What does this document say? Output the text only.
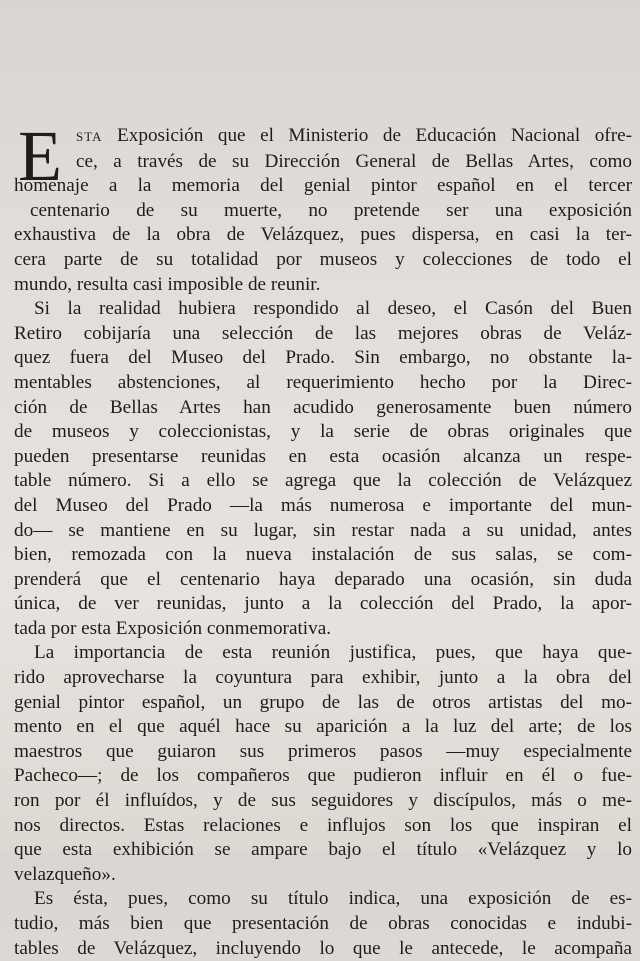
E	STA Exposición que el Ministerio de Educación Nacional ofre-
ce, a través de su Dirección General de Bellas Artes, como
homenaje a la memoria del genial pintor español en el tercer
centenario de su muerte, no pretende ser una exposición
exhaustiva de la obra de Velázquez, pues dispersa, en casi la ter-
cera parte de su totalidad por museos y colecciones de todo el
mundo, resulta casi imposible de reunir.
Si la realidad hubiera respondido al deseo, el Casón del Buen
Retiro cobijaría una selección de las mejores obras de Veláz-
quez fuera del Museo del Prado. Sin embargo, no obstante la-
mentables abstenciones, al requerimiento hecho por la Direc-
ción de Bellas Artes han acudido generosamente buen número
de museos y coleccionistas, y la serie de obras originales que
pueden presentarse reunidas en esta ocasión alcanza un respe-
table número. Si a ello se agrega que la colección de Velázquez
del Museo del Prado —la más numerosa e importante del mun-
do— se mantiene en su lugar, sin restar nada a su unidad, antes
bien, remozada con la nueva instalación de sus salas, se com-
prenderá que el centenario haya deparado una ocasión, sin duda
única, de ver reunidas, junto a la colección del Prado, la apor-
tada por esta Exposición conmemorativa.
La importancia de esta reunión justifica, pues, que haya que-
rido aprovecharse la coyuntura para exhibir, junto a la obra del
genial pintor español, un grupo de las de otros artistas del mo-
mento en el que aquél hace su aparición a la luz del arte; de los
maestros que guiaron sus primeros pasos —muy especialmente
Pacheco—; de los compañeros que pudieron influir en él o fue-
ron por él influídos, y de sus seguidores y discípulos, más o me-
nos directos. Estas relaciones e influjos son los que inspiran el
que esta exhibición se ampare bajo el título «Velázquez y lo
velazqueño».
Es ésta, pues, como su título indica, una exposición de es-
tudio, más bien que presentación de obras conocidas e indubi-
tables de Velázquez, incluyendo lo que le antecede, le acompaña
